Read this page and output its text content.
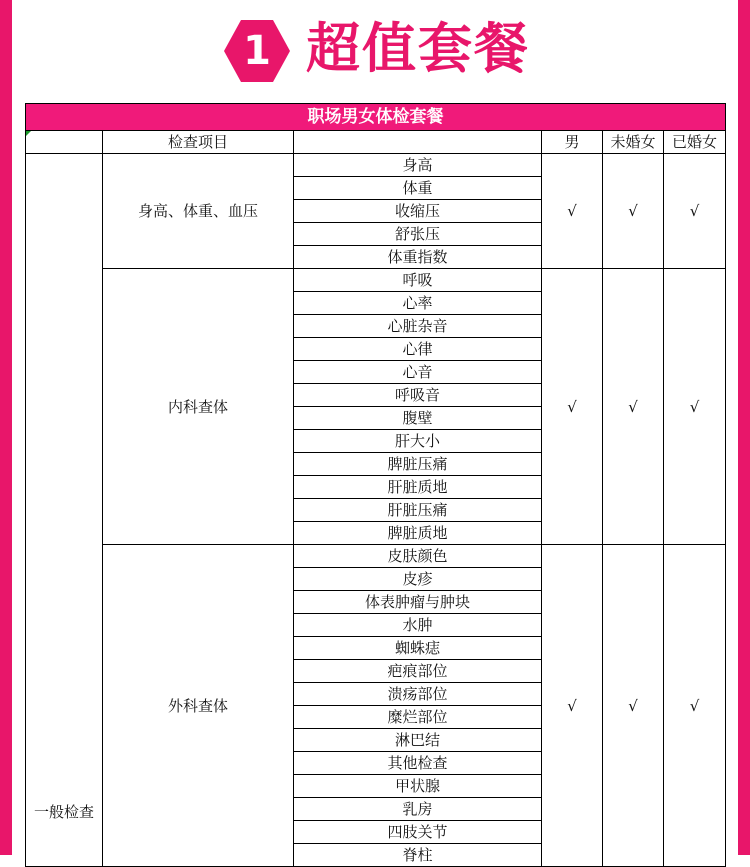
1 超值套餐
职场男女体检套餐					

	检查项目		男	未婚女	已婚女
一般检查	身高、体重、血压	身高	√	√	√
		体重			
		收缩压			
		舒张压			
		体重指数			
	内科查体	呼吸	√	√	√
		心率			
		心脏杂音			
		心律			
		心音			
		呼吸音			
		腹壁			
		肝大小			
		脾脏压痛			
		肝脏质地			
		肝脏压痛			
		脾脏质地			
	外科查体	皮肤颜色	√	√	√
		皮疹			
		体表肿瘤与肿块			
		水肿			
		蜘蛛痣			
		疤痕部位			
		溃疡部位			
		糜烂部位			
		淋巴结			
		其他检查			
		甲状腺			
		乳房			
		四肢关节			
		脊柱			
